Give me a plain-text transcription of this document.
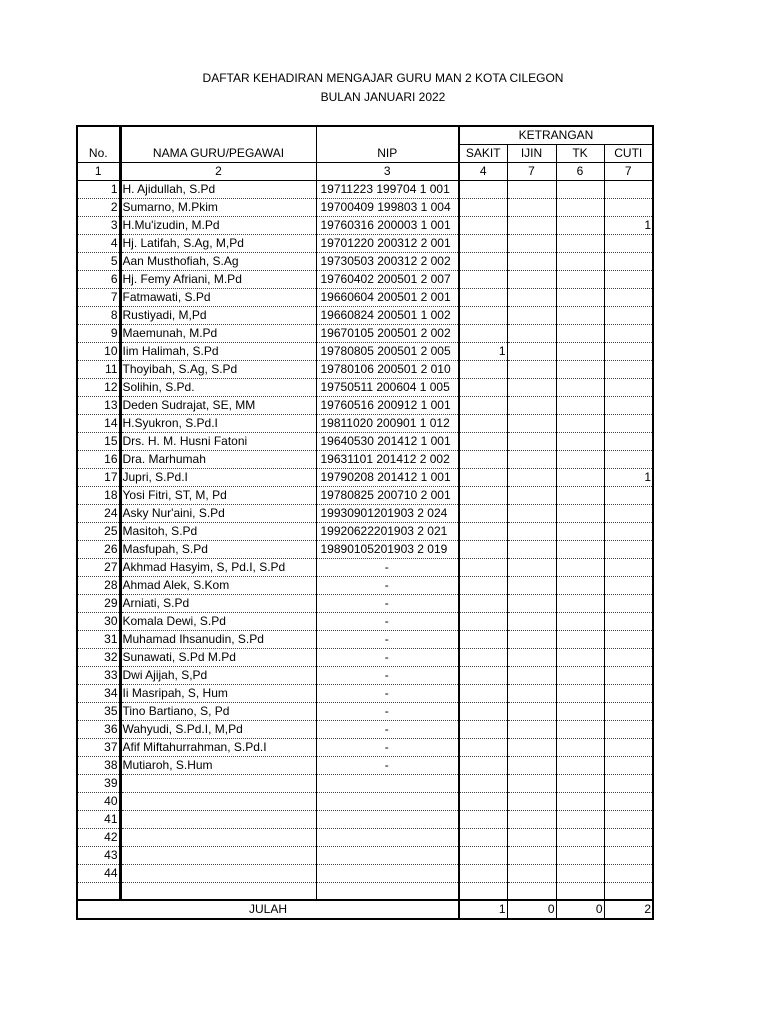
DAFTAR KEHADIRAN MENGAJAR GURU MAN 2 KOTA CILEGON
BULAN JANUARI 2022
			KETRANGAN			
No.	NAMA GURU/PEGAWAI	NIP	SAKIT	IJIN	TK	CUTI
1	2	3	4	7	6	7
1	H. Ajidullah, S.Pd	19711223 199704 1 001				
2	Sumarno, M.Pkim	19700409 199803 1 004				
3	H.Mu'izudin, M.Pd	19760316 200003 1 001				1
4	Hj. Latifah, S.Ag, M,Pd	19701220 200312 2 001				
5	Aan Musthofiah, S.Ag	19730503 200312 2 002				
6	Hj. Femy Afriani, M.Pd	19760402 200501 2 007				
7	Fatmawati, S.Pd	19660604 200501 2 001				
8	Rustiyadi, M,Pd	19660824 200501 1 002				
9	Maemunah, M.Pd	19670105 200501 2 002				
10	Iim Halimah, S.Pd	19780805 200501 2 005	1			
11	Thoyibah, S.Ag, S.Pd	19780106 200501 2 010				
12	Solihin, S.Pd.	19750511 200604 1 005				
13	Deden Sudrajat, SE, MM	19760516 200912 1 001				
14	H.Syukron, S.Pd.I	19811020 200901 1 012				
15	Drs. H. M. Husni Fatoni	19640530 201412 1 001				
16	Dra. Marhumah	19631101 201412 2 002				
17	Jupri, S.Pd.I	19790208 201412 1 001				1
18	Yosi Fitri, ST, M, Pd	19780825 200710 2 001				
24	Asky Nur'aini, S.Pd	19930901201903 2 024				
25	Masitoh, S.Pd	19920622201903 2 021				
26	Masfupah, S.Pd	19890105201903 2 019				
27	Akhmad Hasyim, S, Pd.I, S.Pd	-				
28	Ahmad Alek, S.Kom	-				
29	Arniati, S.Pd	-				
30	Komala Dewi, S.Pd	-				
31	Muhamad Ihsanudin, S.Pd	-				
32	Sunawati, S.Pd M.Pd	-				
33	Dwi Ajijah, S,Pd	-				
34	Ii Masripah, S, Hum	-				
35	Tino Bartiano, S, Pd	-				
36	Wahyudi, S.Pd.I, M,Pd	-				
37	Afif Miftahurrahman, S.Pd.I	-				
38	Mutiaroh, S.Hum	-				
39						
40						
41						
42						
43						
44						

JULAH			1	0	0	2
